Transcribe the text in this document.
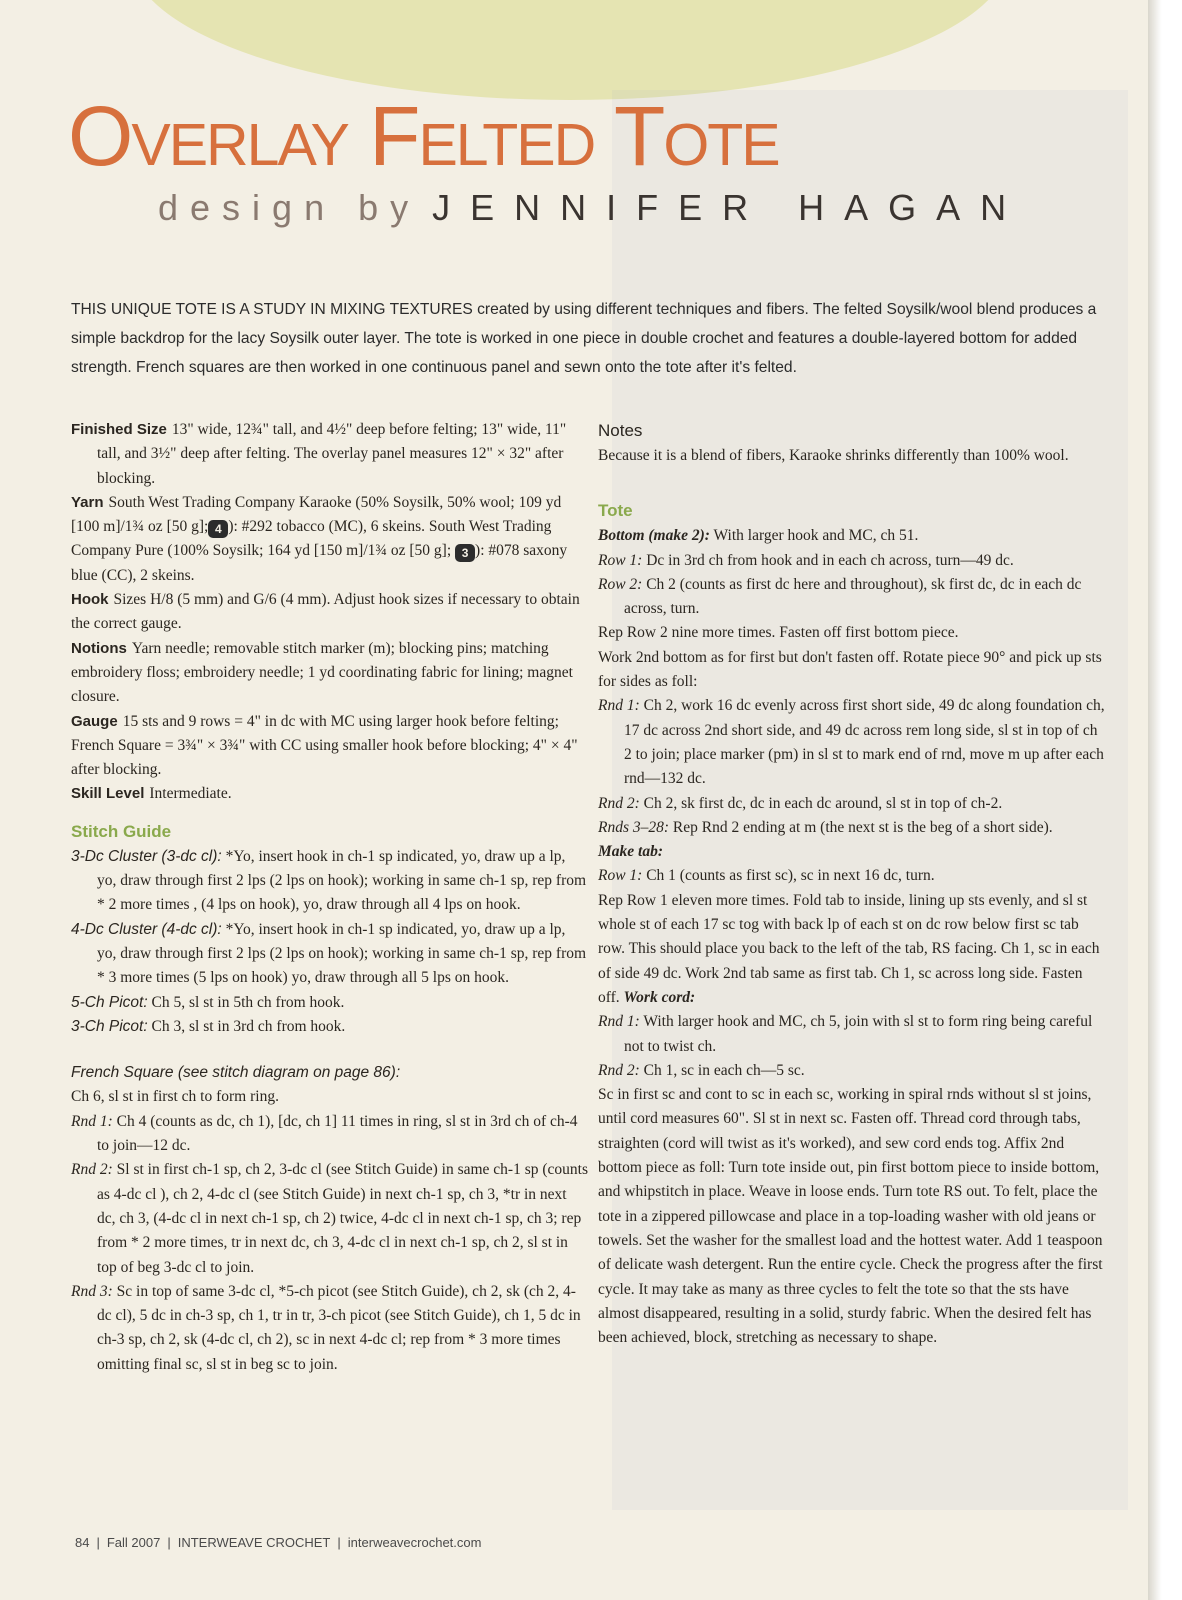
Overlay Felted Tote
design by JENNIFER HAGAN
THIS UNIQUE TOTE IS A STUDY IN MIXING TEXTURES created by using different techniques and fibers. The felted Soysilk/wool blend produces a simple backdrop for the lacy Soysilk outer layer. The tote is worked in one piece in double crochet and features a double-layered bottom for added strength. French squares are then worked in one continuous panel and sewn onto the tote after it's felted.

Finished Size 13" wide, 12¾" tall, and 4½" deep before felting; 13" wide, 11" tall, and 3½" deep after felting. The overlay panel measures 12" × 32" after blocking.

Yarn South West Trading Company Karaoke (50% Soysilk, 50% wool; 109 yd [100 m]/1¾ oz [50 g]; 4 ): #292 tobacco (MC), 6 skeins. South West Trading Company Pure (100% Soysilk; 164 yd [150 m]/1¾ oz [50 g]; 3 ): #078 saxony blue (CC), 2 skeins.

Hook Sizes H/8 (5 mm) and G/6 (4 mm). Adjust hook sizes if necessary to obtain the correct gauge.

Notions Yarn needle; removable stitch marker (m); blocking pins; matching embroidery floss; embroidery needle; 1 yd coordinating fabric for lining; magnet closure.

Gauge 15 sts and 9 rows = 4" in dc with MC using larger hook before felting; French Square = 3¾" × 3¾" with CC using smaller hook before blocking; 4" × 4" after blocking.

Skill Level Intermediate.

Stitch Guide

3-Dc Cluster (3-dc cl): *Yo, insert hook in ch-1 sp indicated, yo, draw up a lp, yo, draw through first 2 lps (2 lps on hook); working in same ch-1 sp, rep from * 2 more times , (4 lps on hook), yo, draw through all 4 lps on hook.

4-Dc Cluster (4-dc cl): *Yo, insert hook in ch-1 sp indicated, yo, draw up a lp, yo, draw through first 2 lps (2 lps on hook); working in same ch-1 sp, rep from * 3 more times (5 lps on hook) yo, draw through all 5 lps on hook.

5-Ch Picot: Ch 5, sl st in 5th ch from hook.

3-Ch Picot: Ch 3, sl st in 3rd ch from hook.

French Square (see stitch diagram on page 86):

Ch 6, sl st in first ch to form ring.

Rnd 1: Ch 4 (counts as dc, ch 1), [dc, ch 1] 11 times in ring, sl st in 3rd ch of ch-4 to join—12 dc.

Rnd 2: Sl st in first ch-1 sp, ch 2, 3-dc cl (see Stitch Guide) in same ch-1 sp (counts as 4-dc cl ), ch 2, 4-dc cl (see Stitch Guide) in next ch-1 sp, ch 3, *tr in next dc, ch 3, (4-dc cl in next ch-1 sp, ch 2) twice, 4-dc cl in next ch-1 sp, ch 3; rep from * 2 more times, tr in next dc, ch 3, 4-dc cl in next ch-1 sp, ch 2, sl st in top of beg 3-dc cl to join.

Rnd 3: Sc in top of same 3-dc cl, *5-ch picot (see Stitch Guide), ch 2, sk (ch 2, 4-dc cl), 5 dc in ch-3 sp, ch 1, tr in tr, 3-ch picot (see Stitch Guide), ch 1, 5 dc in ch-3 sp, ch 2, sk (4-dc cl, ch 2), sc in next 4-dc cl; rep from * 3 more times omitting final sc, sl st in beg sc to join.

Notes

Because it is a blend of fibers, Karaoke shrinks differently than 100% wool.

Tote

Bottom (make 2): With larger hook and MC, ch 51.

Row 1: Dc in 3rd ch from hook and in each ch across, turn—49 dc.

Row 2: Ch 2 (counts as first dc here and throughout), sk first dc, dc in each dc across, turn.

Rep Row 2 nine more times. Fasten off first bottom piece.

Work 2nd bottom as for first but don't fasten off. Rotate piece 90° and pick up sts for sides as foll:

Rnd 1: Ch 2, work 16 dc evenly across first short side, 49 dc along foundation ch, 17 dc across 2nd short side, and 49 dc across rem long side, sl st in top of ch 2 to join; place marker (pm) in sl st to mark end of rnd, move m up after each rnd—132 dc.

Rnd 2: Ch 2, sk first dc, dc in each dc around, sl st in top of ch-2.

Rnds 3–28: Rep Rnd 2 ending at m (the next st is the beg of a short side).

Make tab:

Row 1: Ch 1 (counts as first sc), sc in next 16 dc, turn.

Rep Row 1 eleven more times. Fold tab to inside, lining up sts evenly, and sl st whole st of each 17 sc tog with back lp of each st on dc row below first sc tab row. This should place you back to the left of the tab, RS facing. Ch 1, sc in each of side 49 dc. Work 2nd tab same as first tab. Ch 1, sc across long side. Fasten off. Work cord:

Rnd 1: With larger hook and MC, ch 5, join with sl st to form ring being careful not to twist ch.

Rnd 2: Ch 1, sc in each ch—5 sc.

Sc in first sc and cont to sc in each sc, working in spiral rnds without sl st joins, until cord measures 60". Sl st in next sc. Fasten off. Thread cord through tabs, straighten (cord will twist as it's worked), and sew cord ends tog. Affix 2nd bottom piece as foll: Turn tote inside out, pin first bottom piece to inside bottom, and whipstitch in place. Weave in loose ends. Turn tote RS out. To felt, place the tote in a zippered pillowcase and place in a top-loading washer with old jeans or towels. Set the washer for the smallest load and the hottest water. Add 1 teaspoon of delicate wash detergent. Run the entire cycle. Check the progress after the first cycle. It may take as many as three cycles to felt the tote so that the sts have almost disappeared, resulting in a solid, sturdy fabric. When the desired felt has been achieved, block, stretching as necessary to shape.

84 | Fall 2007 | INTERWEAVE CROCHET | interweavecrochet.com
